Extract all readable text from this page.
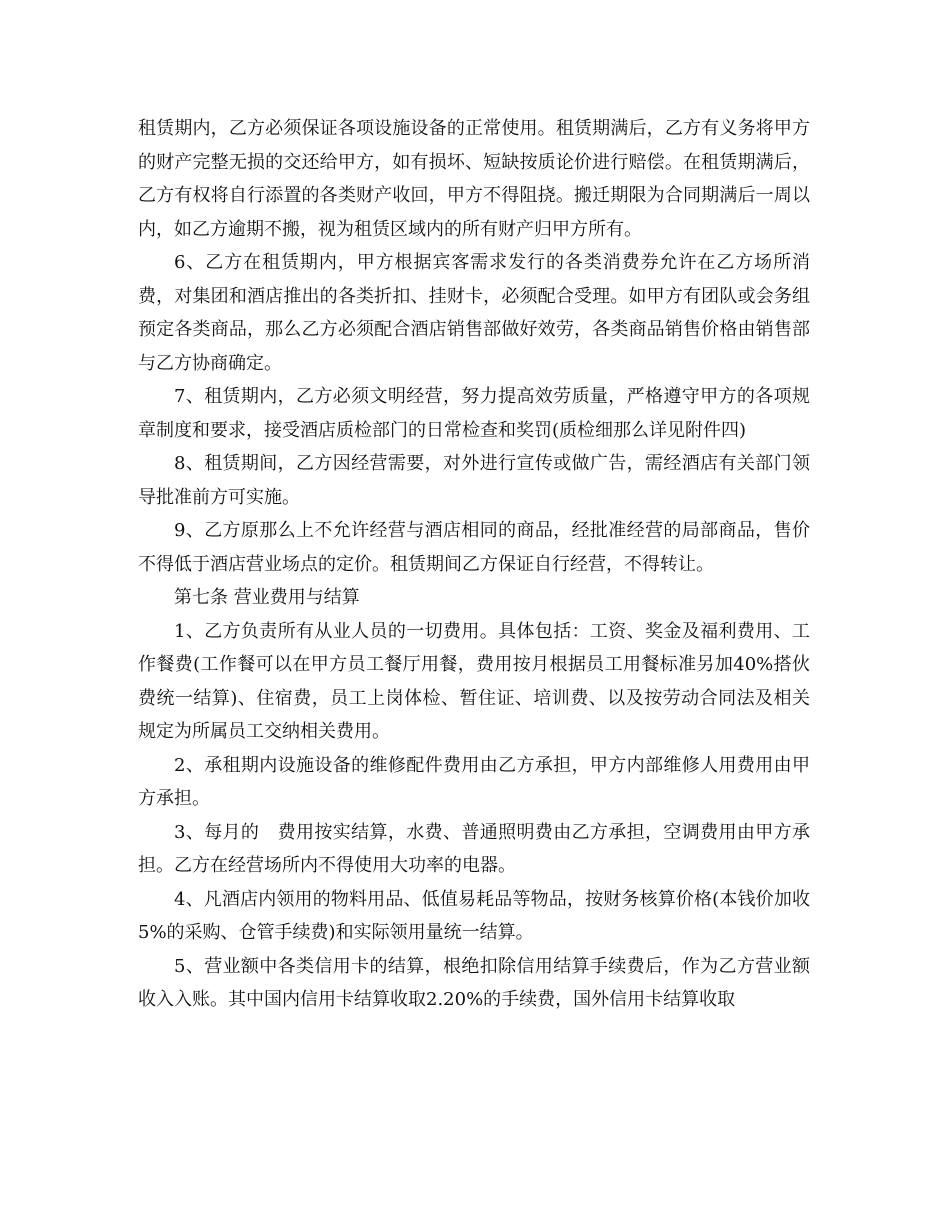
租赁期内，乙方必须保证各项设施设备的正常使用。租赁期满后，乙方有义务将甲方的财产完整无损的交还给甲方，如有损坏、短缺按质论价进行赔偿。在租赁期满后，乙方有权将自行添置的各类财产收回，甲方不得阻挠。搬迁期限为合同期满后一周以内，如乙方逾期不搬，视为租赁区域内的所有财产归甲方所有。

6、乙方在租赁期内，甲方根据宾客需求发行的各类消费券允许在乙方场所消费，对集团和酒店推出的各类折扣、挂财卡，必须配合受理。如甲方有团队或会务组预定各类商品，那么乙方必须配合酒店销售部做好效劳，各类商品销售价格由销售部与乙方协商确定。

7、租赁期内，乙方必须文明经营，努力提高效劳质量，严格遵守甲方的各项规章制度和要求，接受酒店质检部门的日常检查和奖罚(质检细那么详见附件四)

8、租赁期间，乙方因经营需要，对外进行宣传或做广告，需经酒店有关部门领导批准前方可实施。

9、乙方原那么上不允许经营与酒店相同的商品，经批准经营的局部商品，售价不得低于酒店营业场点的定价。租赁期间乙方保证自行经营，不得转让。

第七条 营业费用与结算

1、乙方负责所有从业人员的一切费用。具体包括：工资、奖金及福利费用、工作餐费(工作餐可以在甲方员工餐厅用餐，费用按月根据员工用餐标准另加40%搭伙费统一结算)、住宿费，员工上岗体检、暂住证、培训费、以及按劳动合同法及相关规定为所属员工交纳相关费用。

2、承租期内设施设备的维修配件费用由乙方承担，甲方内部维修人用费用由甲方承担。

3、每月的　费用按实结算，水费、普通照明费由乙方承担，空调费用由甲方承担。乙方在经营场所内不得使用大功率的电器。

4、凡酒店内领用的物料用品、低值易耗品等物品，按财务核算价格(本钱价加收5%的采购、仓管手续费)和实际领用量统一结算。

5、营业额中各类信用卡的结算，根绝扣除信用结算手续费后，作为乙方营业额收入入账。其中国内信用卡结算收取2.20%的手续费，国外信用卡结算收取
